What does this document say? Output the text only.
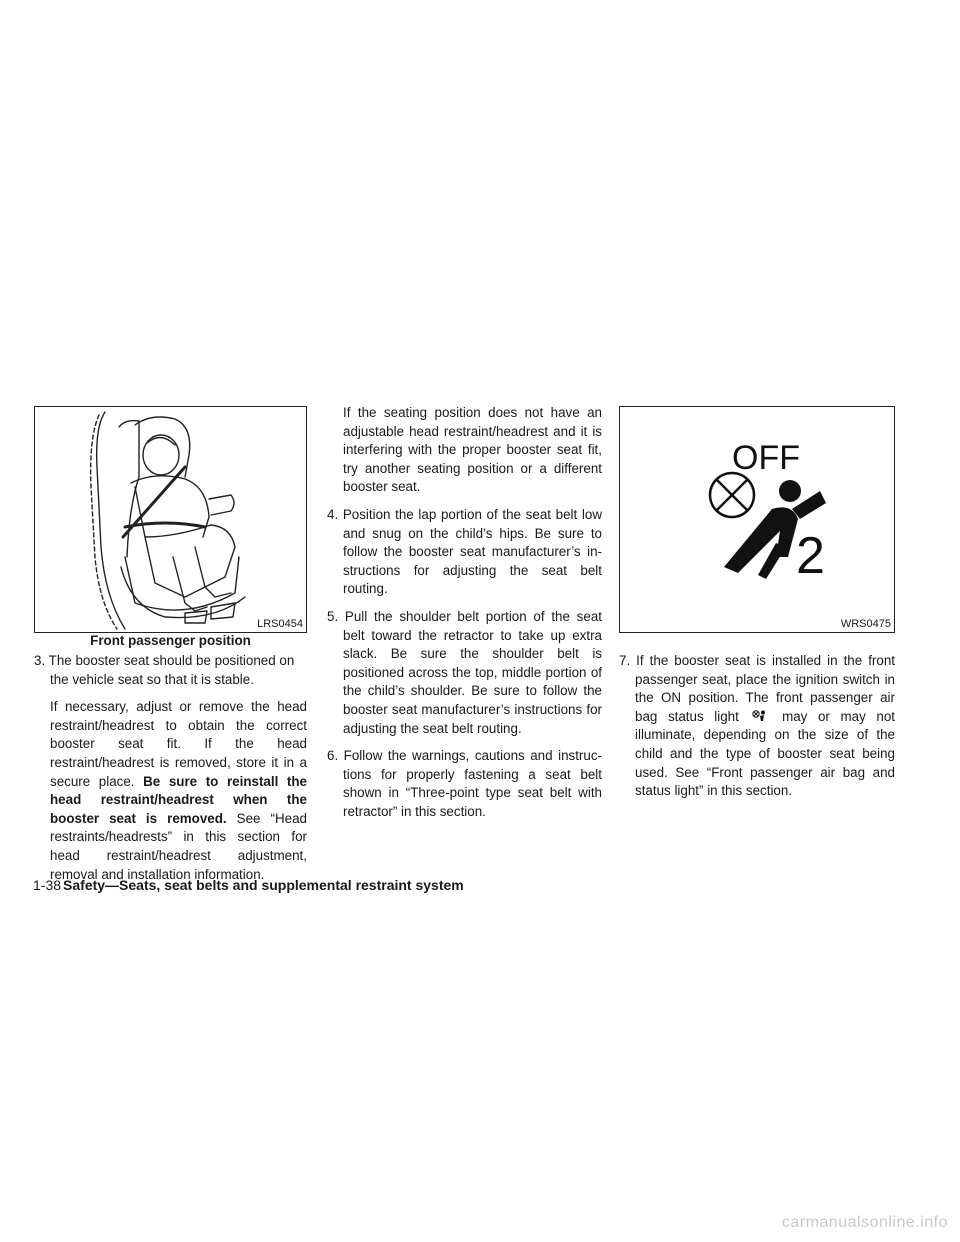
LRS0454
Front passenger position
OFF
2
WRS0475

3. The booster seat should be positioned on the vehicle seat so that it is stable.

If necessary, adjust or remove the head restraint/headrest to obtain the correct booster seat fit. If the head restraint/headrest is removed, store it in a secure place. Be sure to reinstall the head restraint/headrest when the booster seat is removed. See “Head restraints/headrests” in this section for head restraint/headrest adjustment, removal and installation information.

If the seating position does not have an adjustable head restraint/headrest and it is interfering with the proper booster seat fit, try another seating position or a different booster seat.

4. Position the lap portion of the seat belt low and snug on the child’s hips. Be sure to follow the booster seat manufacturer’s in-structions for adjusting the seat belt routing.

5. Pull the shoulder belt portion of the seat belt toward the retractor to take up extra slack. Be sure the shoulder belt is positioned across the top, middle portion of the child’s shoulder. Be sure to follow the booster seat manufacturer’s instructions for adjusting the seat belt routing.

6. Follow the warnings, cautions and instruc-tions for properly fastening a seat belt shown in “Three-point type seat belt with retractor” in this section.

7. If the booster seat is installed in the front passenger seat, place the ignition switch in the ON position. The front passenger air bag status light	may or may not illuminate, depending on the size of the child and the type of booster seat being used. See “Front passenger air bag and status light” in this section.

1-38 Safety—Seats, seat belts and supplemental restraint system
carmanualsonline.info
